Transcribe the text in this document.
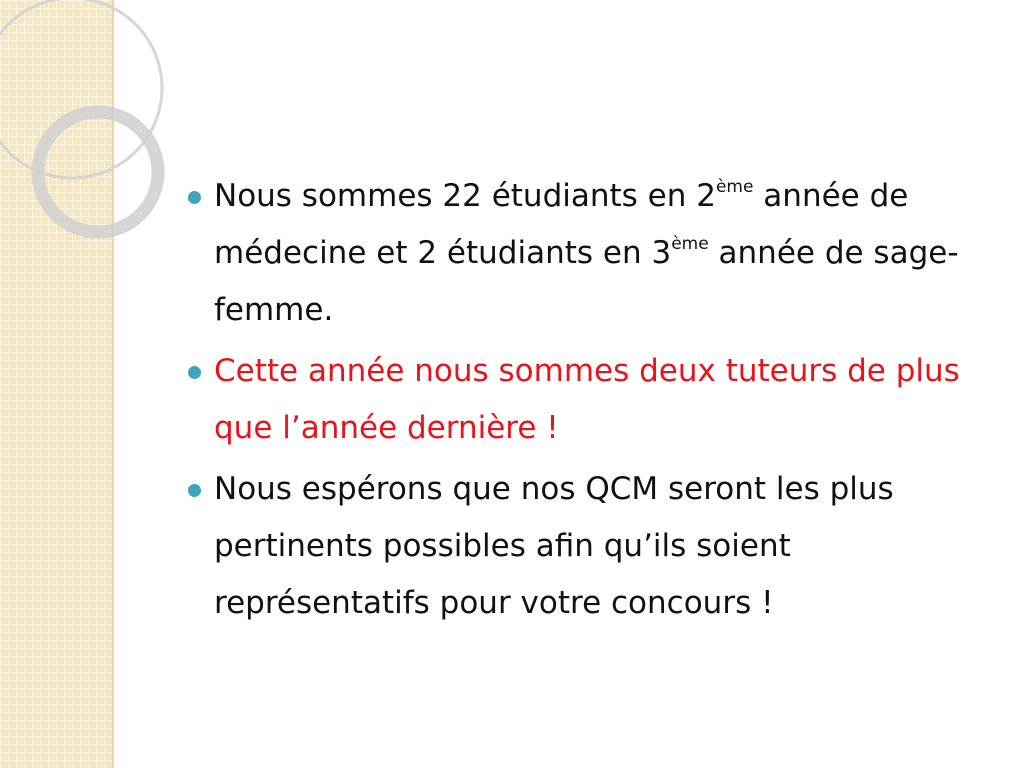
Nous sommes 22 étudiants en 2ème année de médecine et 2 étudiants en 3ème année de sage-femme.
Cette année nous sommes deux tuteurs de plus que l’année dernière !
Nous espérons que nos QCM seront les plus pertinents possibles afin qu’ils soient représentatifs pour votre concours !
